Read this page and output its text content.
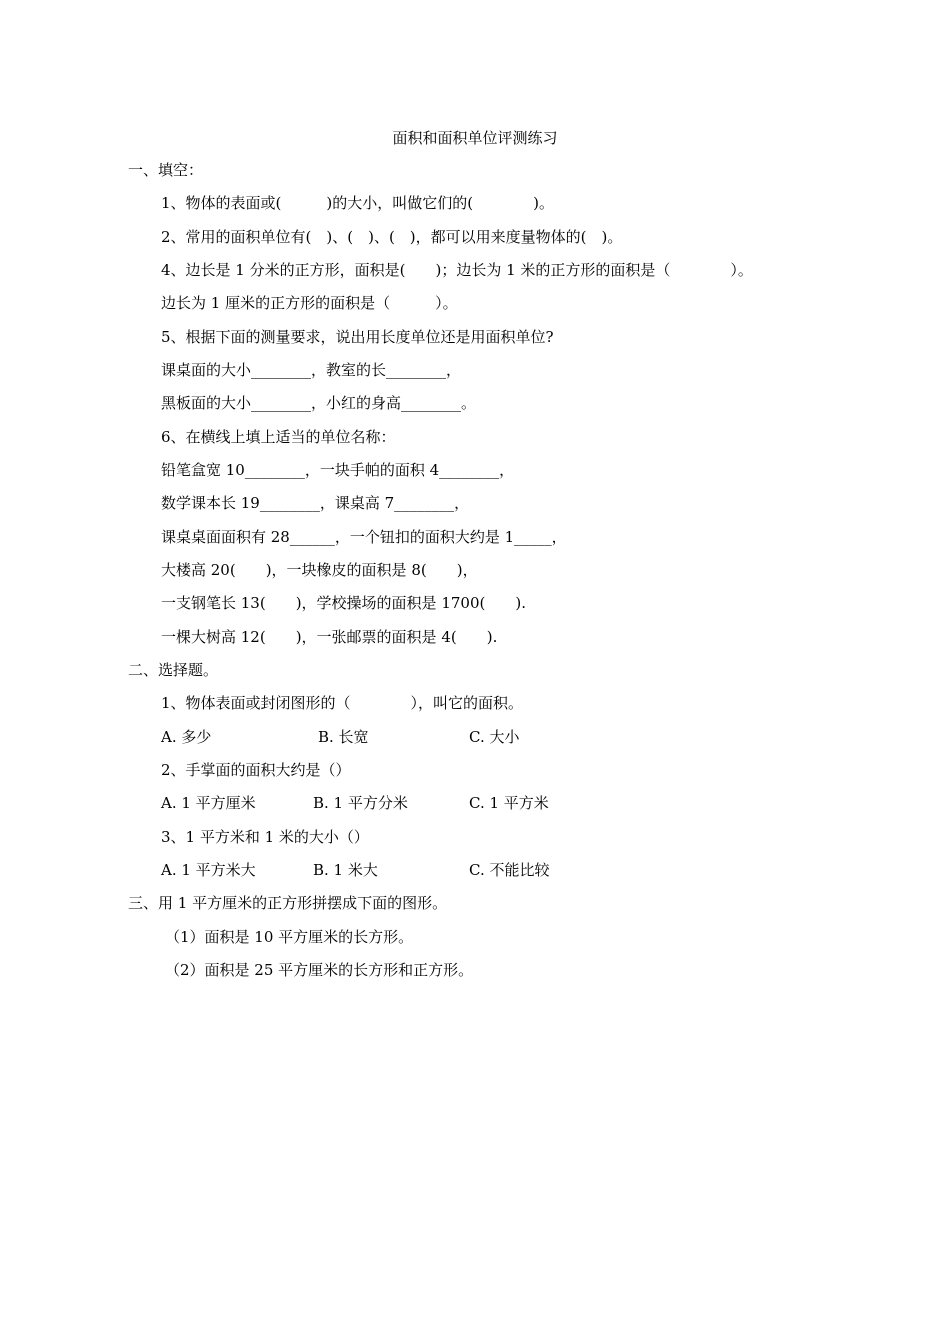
面积和面积单位评测练习
一、填空：
1、物体的表面或(　　　)的大小，叫做它们的(　　　　)。
2、常用的面积单位有(　)、(　)、(　)，都可以用来度量物体的(　)。
4、边长是 1 分米的正方形，面积是(　　)；边长为 1 米的正方形的面积是（　　　　）。
边长为 1 厘米的正方形的面积是（　　　）。
5、根据下面的测量要求，说出用长度单位还是用面积单位?
课桌面的大小________，教室的长________，
黑板面的大小________，小红的身高________。
6、在横线上填上适当的单位名称：
铅笔盒宽 10________，一块手帕的面积 4________，
数学课本长 19________，课桌高 7________，
课桌桌面面积有 28______，一个钮扣的面积大约是 1_____，
大楼高 20(　　)，一块橡皮的面积是 8(　　)，
一支钢笔长 13(　　)，学校操场的面积是 1700(　　).
一棵大树高 12(　　)，一张邮票的面积是 4(　　).
二、选择题。
1、物体表面或封闭图形的（　　　　），叫它的面积。
A. 多少	B. 长宽	C. 大小
2、手掌面的面积大约是（）
A. 1 平方厘米	B. 1 平方分米	C. 1 平方米
3、1 平方米和 1 米的大小（）
A. 1 平方米大	B. 1 米大	C. 不能比较
三、用 1 平方厘米的正方形拼摆成下面的图形。
（1）面积是 10 平方厘米的长方形。
（2）面积是 25 平方厘米的长方形和正方形。
